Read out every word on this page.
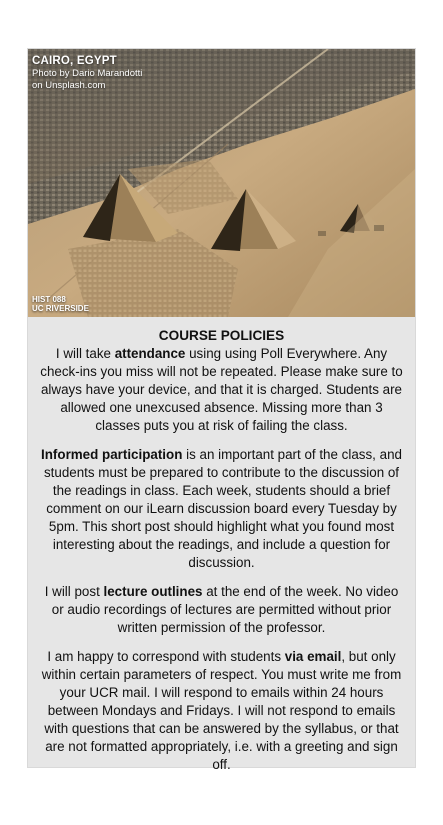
CAIRO, EGYPT
Photo by Dario Marandotti on Unsplash.com
HIST 088
UC RIVERSIDE
COURSE POLICIES

I will take attendance using using Poll Everywhere. Any check-ins you miss will not be repeated. Please make sure to always have your device, and that it is charged. Students are allowed one unexcused absence. Missing more than 3 classes puts you at risk of failing the class.

Informed participation is an important part of the class, and students must be prepared to contribute to the discussion of the readings in class. Each week, students should a brief comment on our iLearn discussion board every Tuesday by 5pm. This short post should highlight what you found most interesting about the readings, and include a question for discussion.

I will post lecture outlines at the end of the week. No video or audio recordings of lectures are permitted without prior written permission of the professor.

I am happy to correspond with students via email, but only within certain parameters of respect. You must write me from your UCR mail. I will respond to emails within 24 hours between Mondays and Fridays. I will not respond to emails with questions that can be answered by the syllabus, or that are not formatted appropriately, i.e. with a greeting and sign off.
